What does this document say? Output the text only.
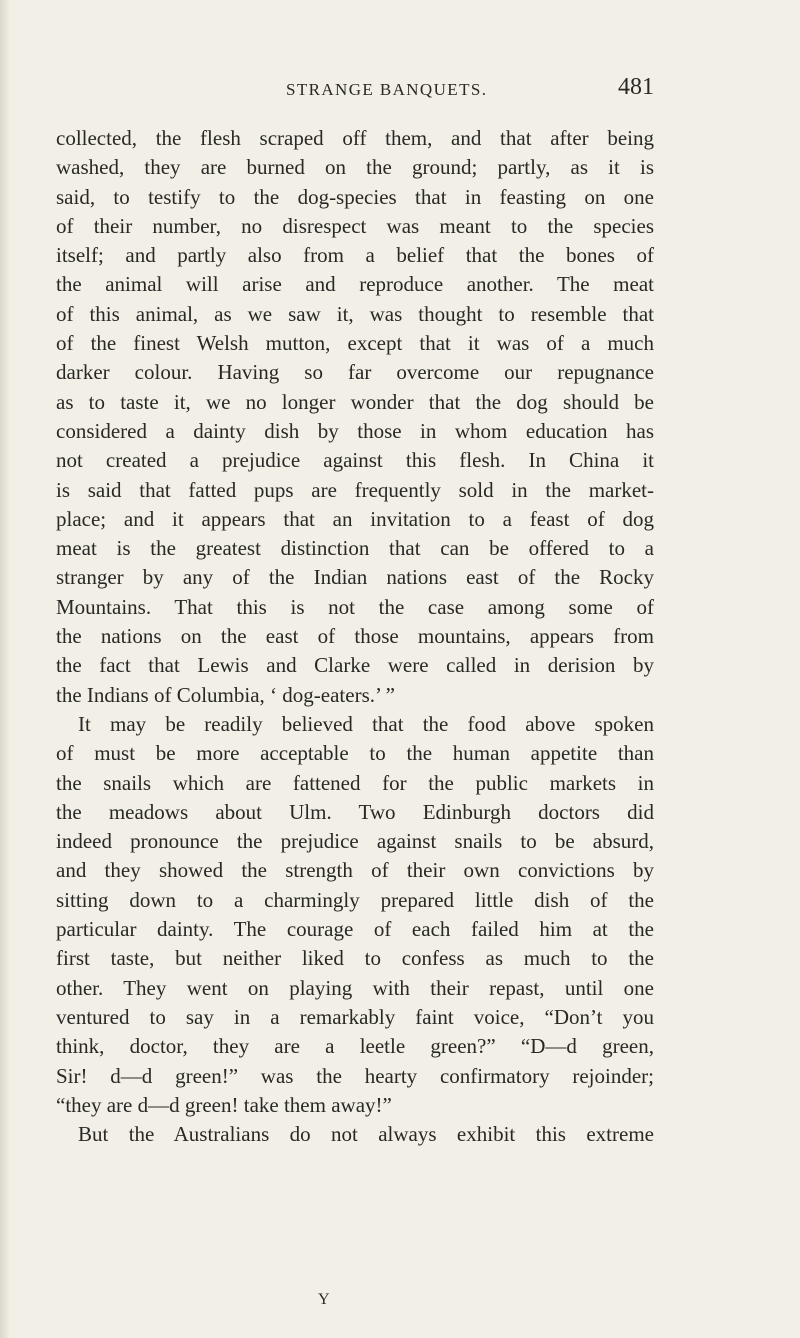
STRANGE BANQUETS.	481
collected, the flesh scraped off them, and that after being
washed, they are burned on the ground; partly, as it is
said, to testify to the dog-species that in feasting on one
of their number, no disrespect was meant to the species
itself; and partly also from a belief that the bones of
the animal will arise and reproduce another. The meat
of this animal, as we saw it, was thought to resemble that
of the finest Welsh mutton, except that it was of a much
darker colour. Having so far overcome our repugnance
as to taste it, we no longer wonder that the dog should be
considered a dainty dish by those in whom education has
not created a prejudice against this flesh. In China it
is said that fatted pups are frequently sold in the market-
place; and it appears that an invitation to a feast of dog
meat is the greatest distinction that can be offered to a
stranger by any of the Indian nations east of the Rocky
Mountains. That this is not the case among some of
the nations on the east of those mountains, appears from
the fact that Lewis and Clarke were called in derision by
the Indians of Columbia, ‘ dog-eaters.’ ”
It may be readily believed that the food above spoken
of must be more acceptable to the human appetite than
the snails which are fattened for the public markets in
the meadows about Ulm. Two Edinburgh doctors did
indeed pronounce the prejudice against snails to be absurd,
and they showed the strength of their own convictions by
sitting down to a charmingly prepared little dish of the
particular dainty. The courage of each failed him at the
first taste, but neither liked to confess as much to the
other. They went on playing with their repast, until one
ventured to say in a remarkably faint voice, “Don’t you
think, doctor, they are a leetle green?” “D—d green,
Sir! d—d green!” was the hearty confirmatory rejoinder;
“they are d—d green! take them away!”
But the Australians do not always exhibit this extreme
Y
